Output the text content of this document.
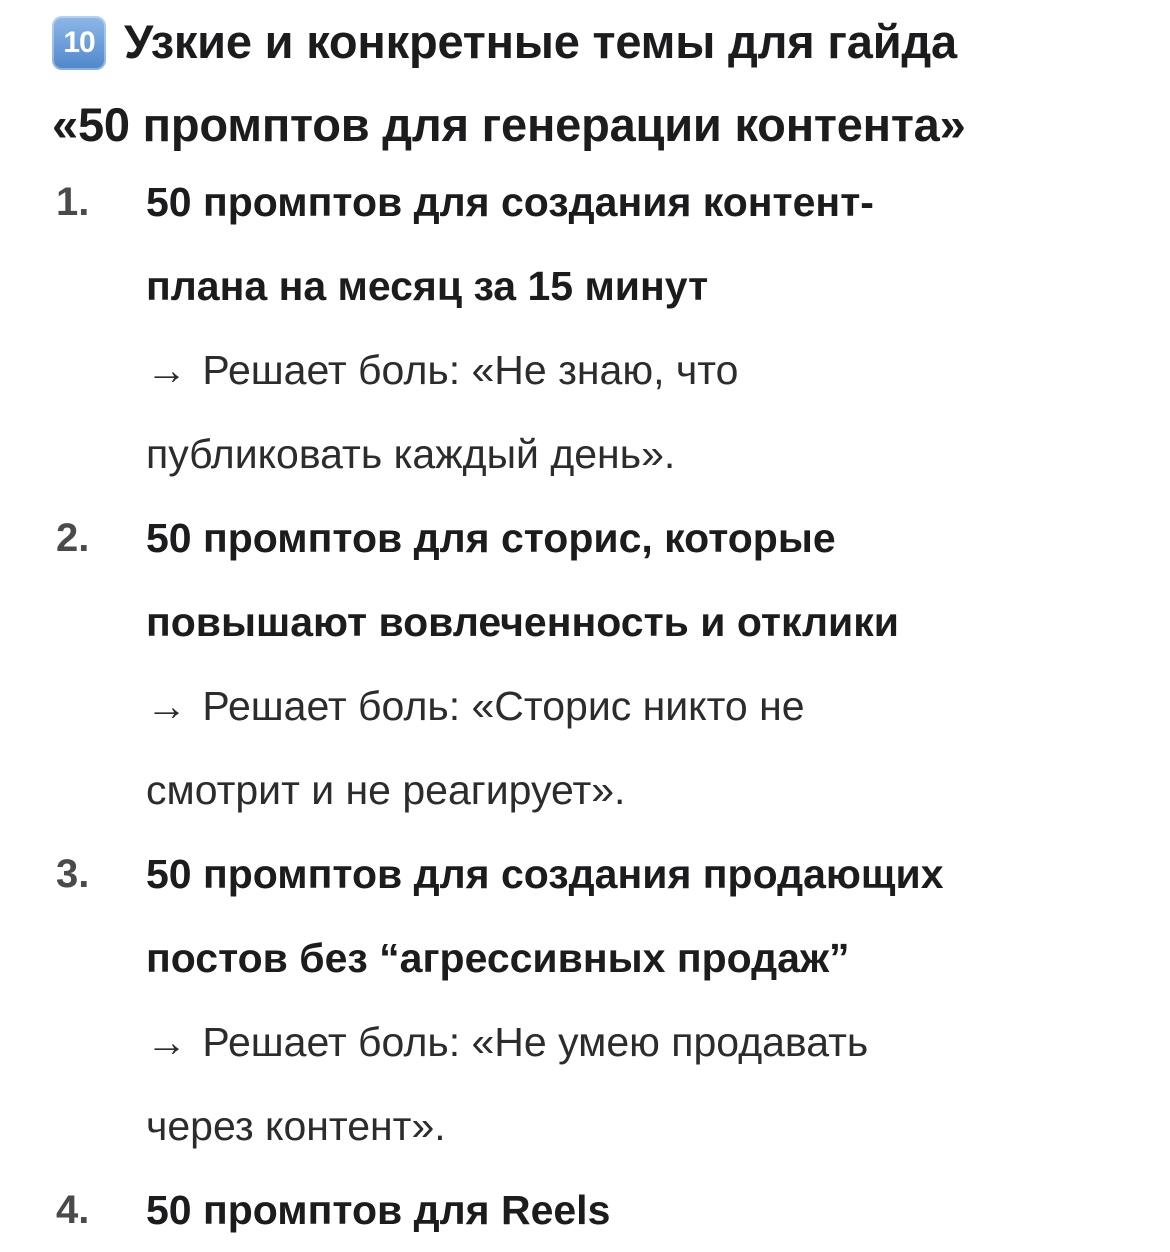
10 Узкие и конкретные темы для гайда
«50 промптов для генерации контента»
1. 50 промптов для создания контент-
плана на месяц за 15 минут
→ Решает боль: «Не знаю, что
публиковать каждый день».
2. 50 промптов для сторис, которые
повышают вовлеченность и отклики
→ Решает боль: «Сторис никто не
смотрит и не реагирует».
3. 50 промптов для создания продающих
постов без “агрессивных продаж”
→ Решает боль: «Не умею продавать
через контент».
4. 50 промптов для Reels
